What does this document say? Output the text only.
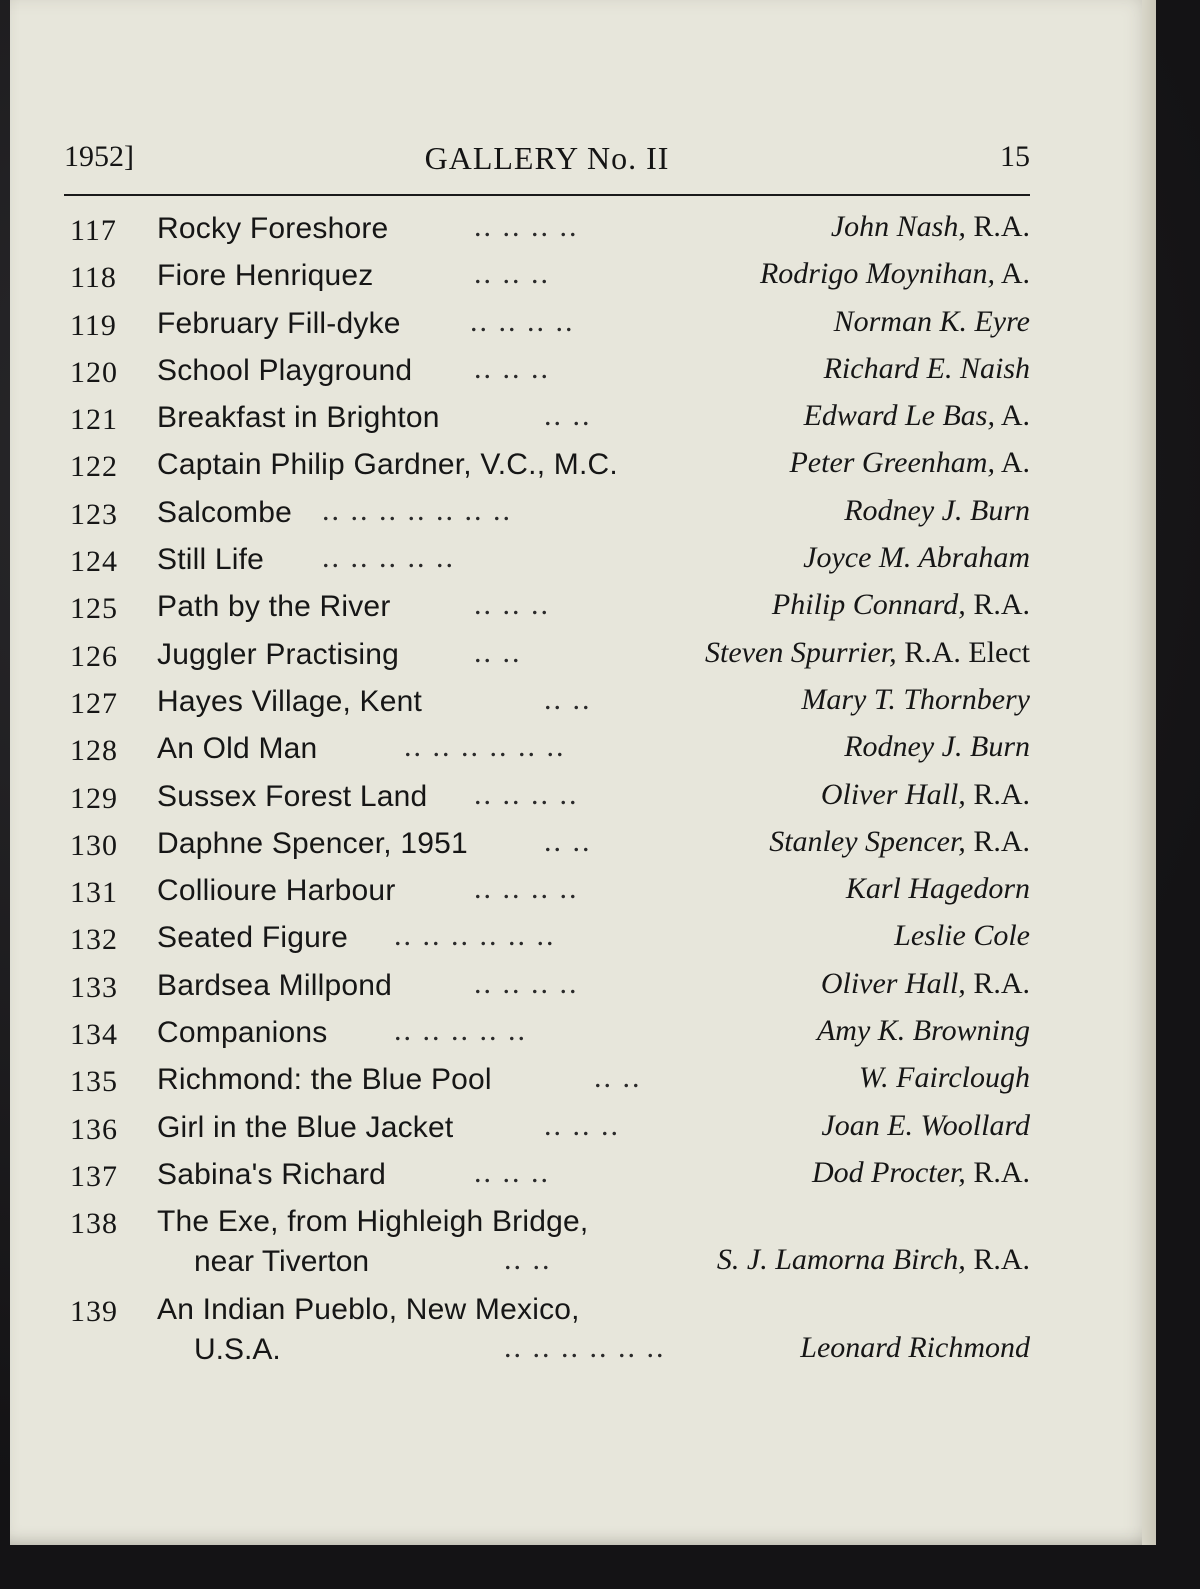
1952]	GALLERY No. II	15
117	Rocky Foreshore	.. .. .. ..	John Nash, R.A.
118	Fiore Henriquez	.. .. ..	Rodrigo Moynihan, A.
119	February Fill-dyke .. .. .. ..	Norman K. Eyre
120	School Playground .. .. ..	Richard E. Naish
121	Breakfast in Brighton	.. ..	Edward Le Bas, A.
122	Captain Philip Gardner, V.C., M.C.	Peter Greenham, A.
123	Salcombe .. .. .. .. .. .. ..	Rodney J. Burn
124	Still Life .. .. .. .. ..	Joyce M. Abraham
125	Path by the River	.. .. ..	Philip Connard, R.A.
126	Juggler Practising .. ..	Steven Spurrier, R.A. Elect
127	Hayes Village, Kent	.. ..	Mary T. Thornbery
128	An Old Man	.. .. .. .. .. ..	Rodney J. Burn
129	Sussex Forest Land .. .. .. ..	Oliver Hall, R.A.
130	Daphne Spencer, 1951	.. ..	Stanley Spencer, R.A.
131	Collioure Harbour	.. .. .. ..	Karl Hagedorn
132	Seated Figure .. .. .. .. .. ..	Leslie Cole
133	Bardsea Millpond	.. .. .. ..	Oliver Hall, R.A.
134	Companions .. .. .. .. ..	Amy K. Browning
135	Richmond: the Blue Pool	.. ..	W. Fairclough
136	Girl in the Blue Jacket	.. .. ..	Joan E. Woollard
137	Sabina's Richard	.. .. ..	Dod Procter, R.A.
138	The Exe, from Highleigh Bridge,
near Tiverton	.. ..	S. J. Lamorna Birch, R.A.
139	An Indian Pueblo, New Mexico,
U.S.A.	.. .. .. .. .. ..	Leonard Richmond
